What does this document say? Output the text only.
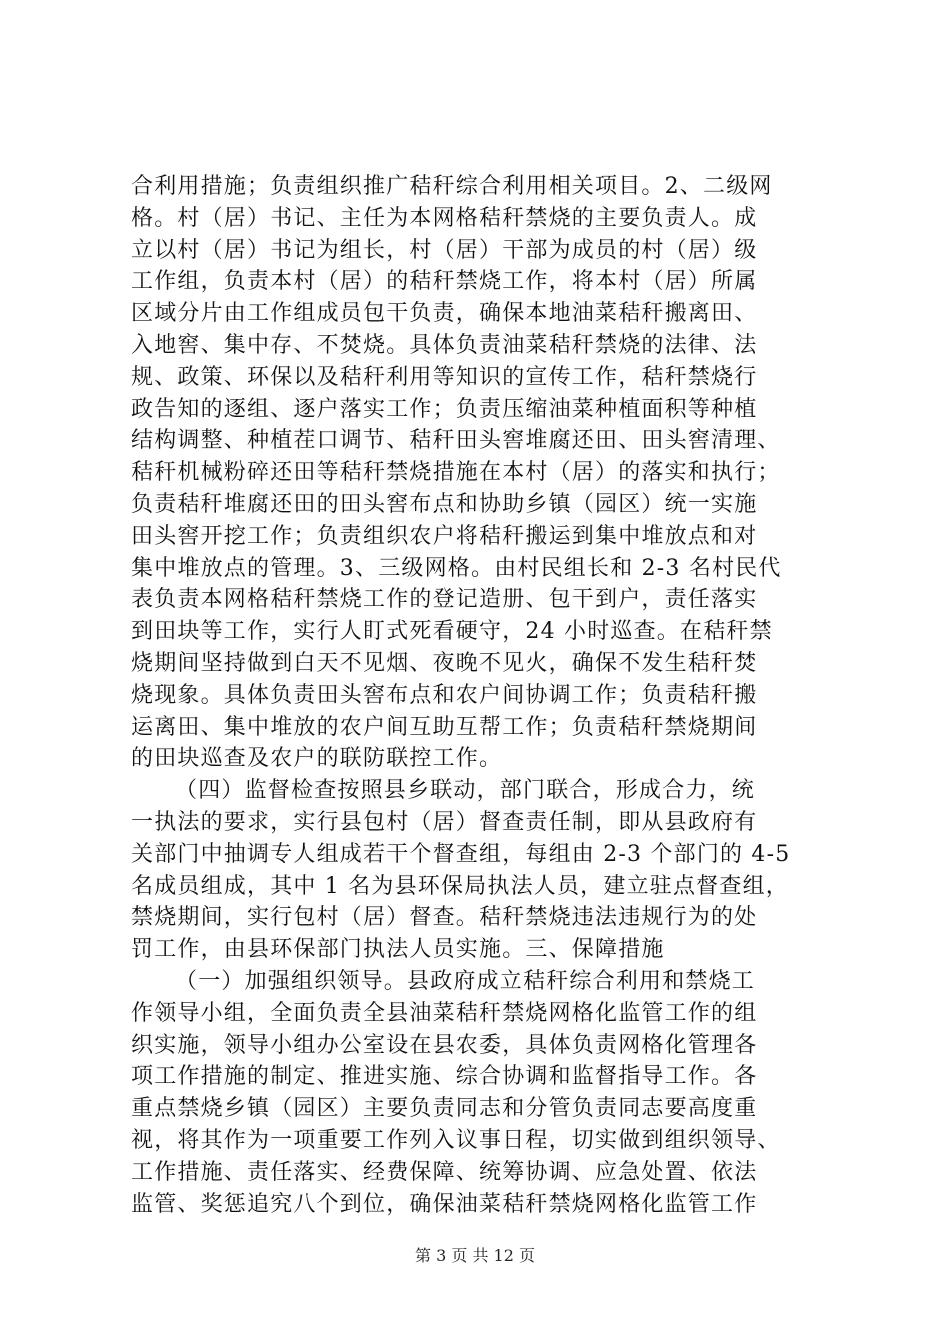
合利用措施；负责组织推广秸秆综合利用相关项目。2、二级网
格。村（居）书记、主任为本网格秸秆禁烧的主要负责人。成
立以村（居）书记为组长，村（居）干部为成员的村（居）级
工作组，负责本村（居）的秸秆禁烧工作，将本村（居）所属
区域分片由工作组成员包干负责，确保本地油菜秸秆搬离田、
入地窖、集中存、不焚烧。具体负责油菜秸秆禁烧的法律、法
规、政策、环保以及秸秆利用等知识的宣传工作，秸秆禁烧行
政告知的逐组、逐户落实工作；负责压缩油菜种植面积等种植
结构调整、种植茬口调节、秸秆田头窖堆腐还田、田头窖清理、
秸秆机械粉碎还田等秸秆禁烧措施在本村（居）的落实和执行；
负责秸秆堆腐还田的田头窖布点和协助乡镇（园区）统一实施
田头窖开挖工作；负责组织农户将秸秆搬运到集中堆放点和对
集中堆放点的管理。3、三级网格。由村民组长和 2-3 名村民代
表负责本网格秸秆禁烧工作的登记造册、包干到户，责任落实
到田块等工作，实行人盯式死看硬守，24 小时巡查。在秸秆禁
烧期间坚持做到白天不见烟、夜晚不见火，确保不发生秸秆焚
烧现象。具体负责田头窖布点和农户间协调工作；负责秸秆搬
运离田、集中堆放的农户间互助互帮工作；负责秸秆禁烧期间
的田块巡查及农户的联防联控工作。
（四）监督检查按照县乡联动，部门联合，形成合力，统
一执法的要求，实行县包村（居）督查责任制，即从县政府有
关部门中抽调专人组成若干个督查组，每组由 2-3 个部门的 4-5
名成员组成，其中 1 名为县环保局执法人员，建立驻点督查组，
禁烧期间，实行包村（居）督查。秸秆禁烧违法违规行为的处
罚工作，由县环保部门执法人员实施。三、保障措施
（一）加强组织领导。县政府成立秸秆综合利用和禁烧工
作领导小组，全面负责全县油菜秸秆禁烧网格化监管工作的组
织实施，领导小组办公室设在县农委，具体负责网格化管理各
项工作措施的制定、推进实施、综合协调和监督指导工作。各
重点禁烧乡镇（园区）主要负责同志和分管负责同志要高度重
视，将其作为一项重要工作列入议事日程，切实做到组织领导、
工作措施、责任落实、经费保障、统筹协调、应急处置、依法
监管、奖惩追究八个到位，确保油菜秸秆禁烧网格化监管工作
第 3 页 共 12 页
